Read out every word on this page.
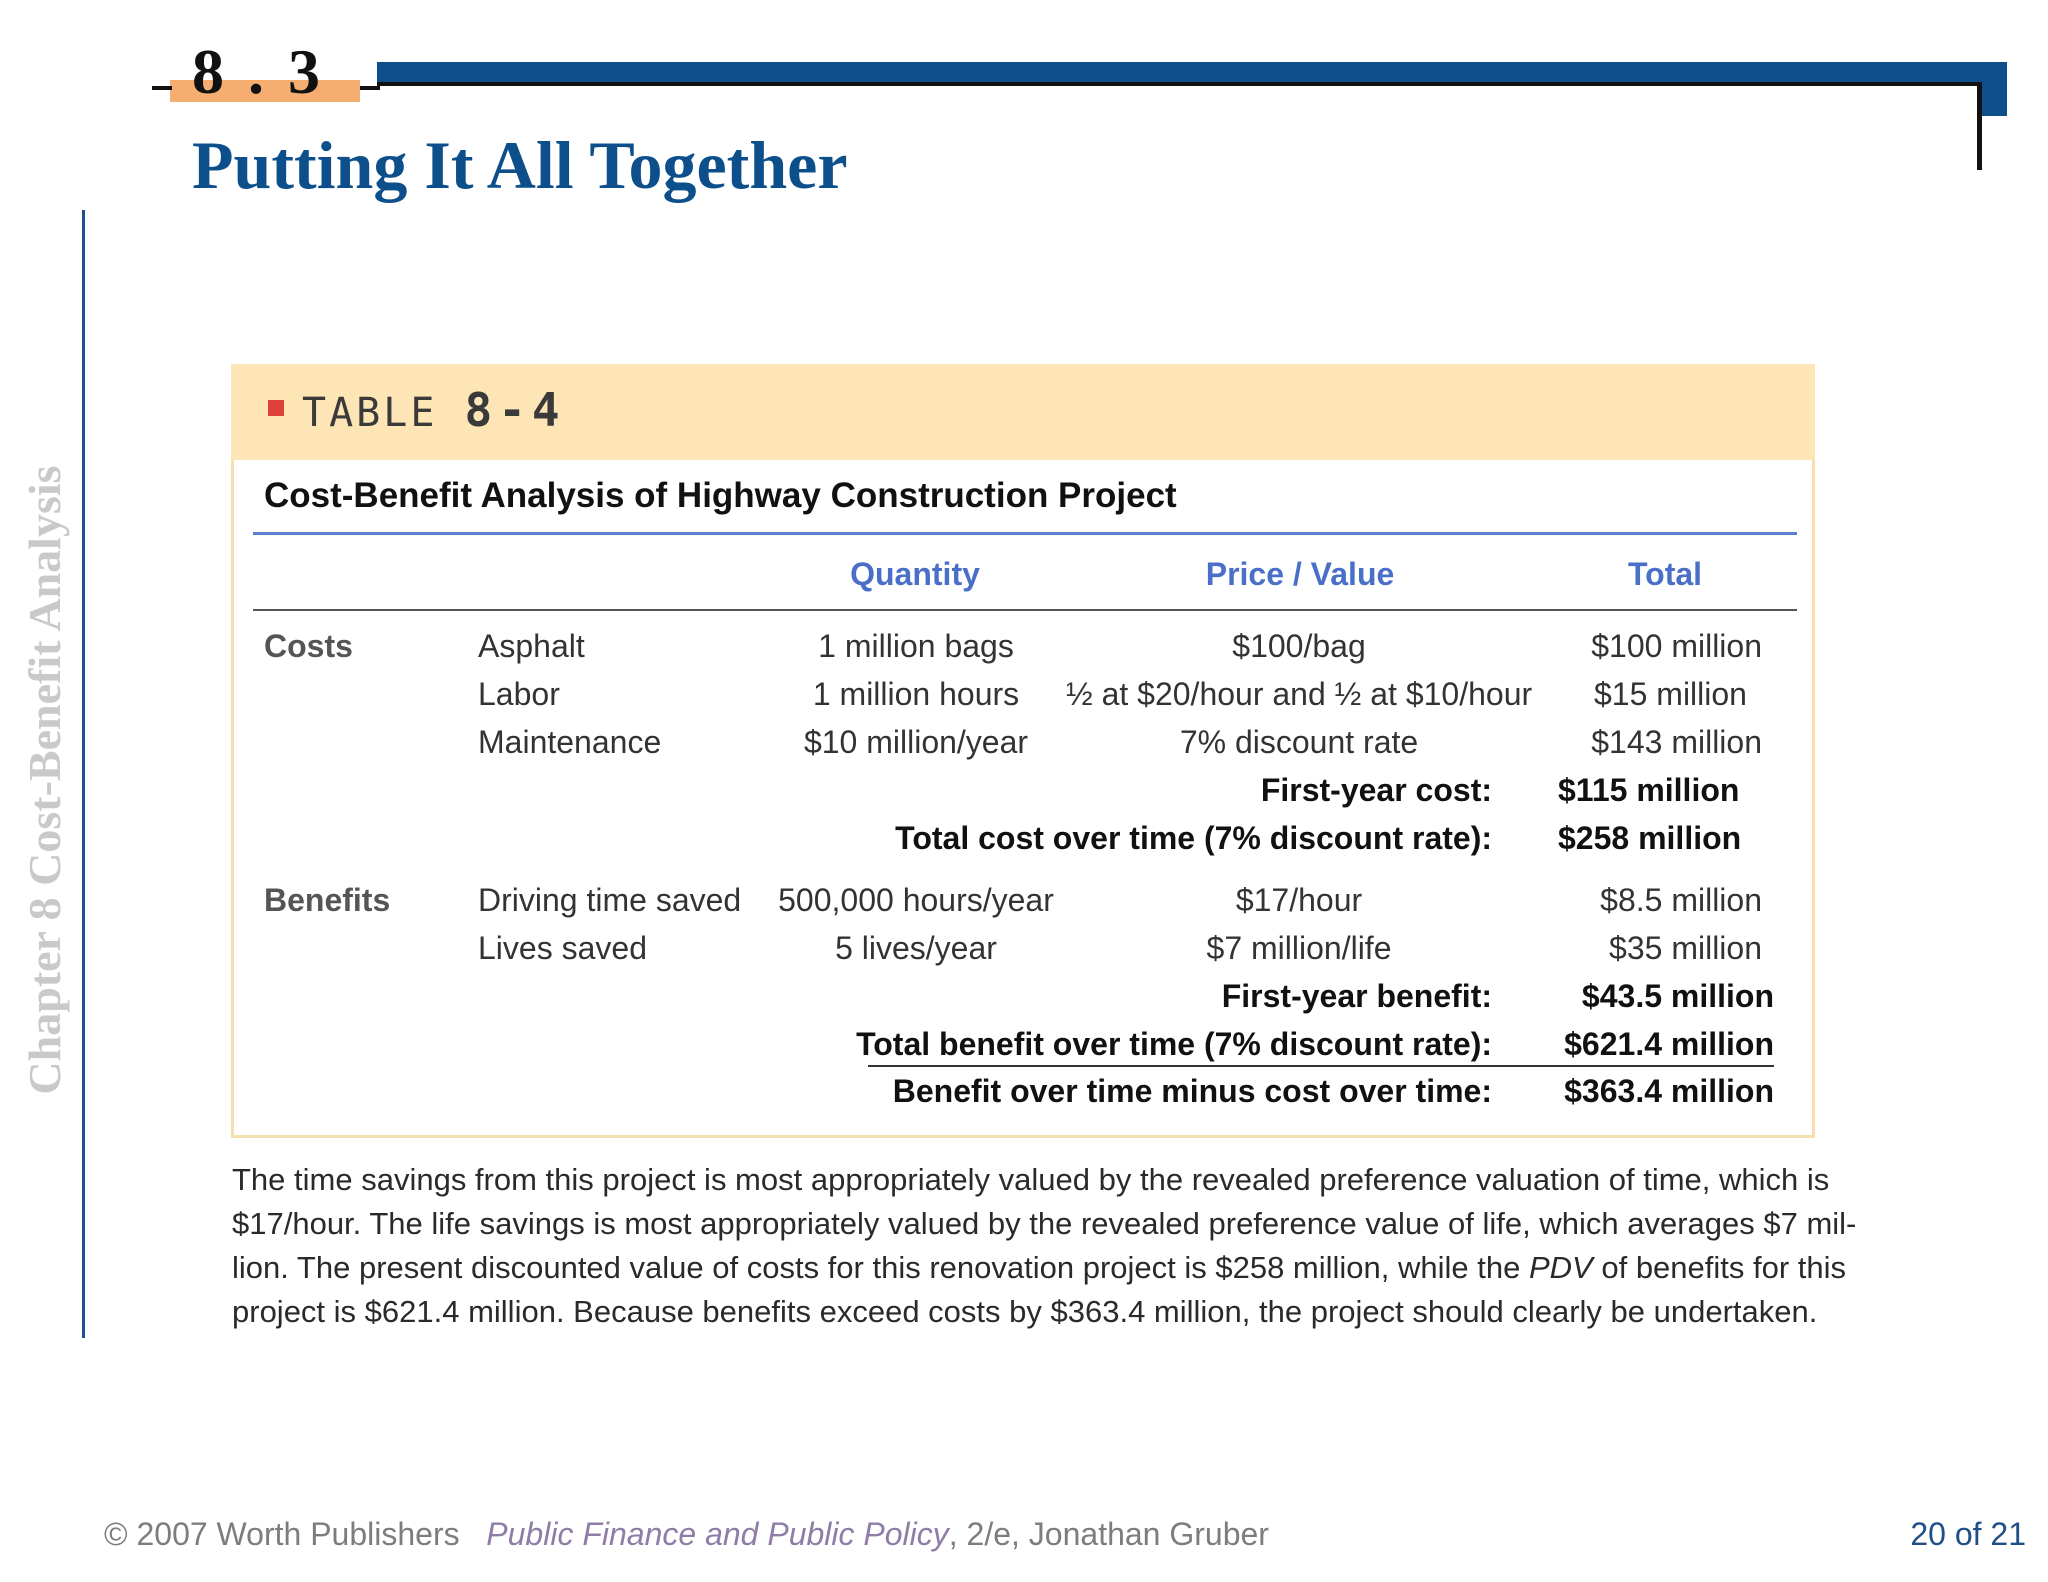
8 . 3
Putting It All Together
Chapter 8 Cost-Benefit Analysis
TABLE 8-4
Cost-Benefit Analysis of Highway Construction Project
Quantity	Price / Value	Total
Costs	Asphalt	1 million bags	$100/bag	$100 million
Labor	1 million hours	½ at $20/hour and ½ at $10/hour $15 million
Maintenance	$10 million/year	7% discount rate	$143 million
First-year cost: $115 million
Total cost over time (7% discount rate): $258 million
Benefits	Driving time saved	500,000 hours/year	$17/hour	$8.5 million
Lives saved	5 lives/year	$7 million/life	$35 million
First-year benefit:	$43.5 million
Total benefit over time (7% discount rate):	$621.4 million
Benefit over time minus cost over time:	$363.4 million

The time savings from this project is most appropriately valued by the revealed preference valuation of time, which is

$17/hour. The life savings is most appropriately valued by the revealed preference value of life, which averages $7 mil-

lion. The present discounted value of costs for this renovation project is $258 million, while the PDV of benefits for this

project is $621.4 million. Because benefits exceed costs by $363.4 million, the project should clearly be undertaken.

© 2007 Worth Publishers Public Finance and Public Policy, 2/e, Jonathan Gruber	20 of 21
